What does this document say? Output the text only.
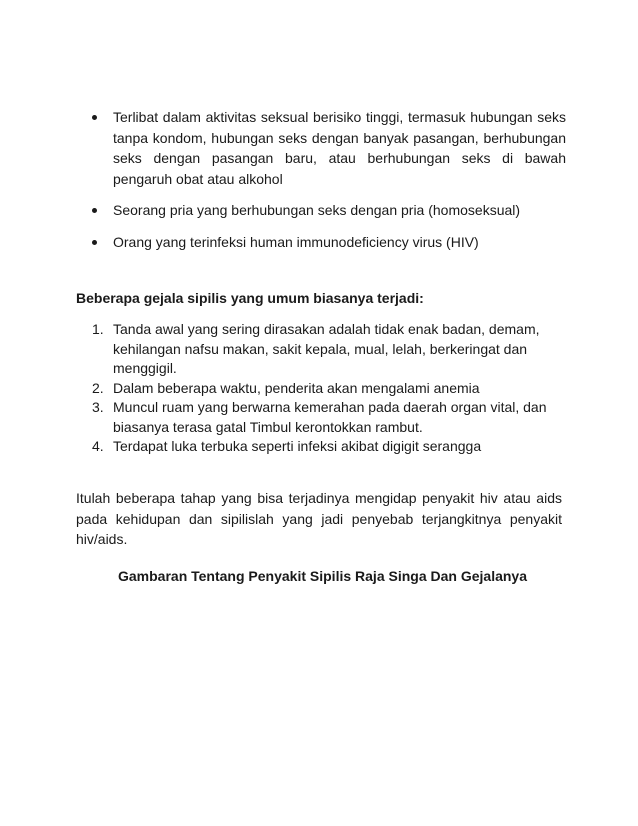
Terlibat dalam aktivitas seksual berisiko tinggi, termasuk hubungan seks tanpa kondom, hubungan seks dengan banyak pasangan, berhubungan seks dengan pasangan baru, atau berhubungan seks di bawah pengaruh obat atau alkohol
Seorang pria yang berhubungan seks dengan pria (homoseksual)
Orang yang terinfeksi human immunodeficiency virus (HIV)
Beberapa gejala sipilis yang umum biasanya terjadi:
1. Tanda awal yang sering dirasakan adalah tidak enak badan, demam, kehilangan nafsu makan, sakit kepala, mual, lelah, berkeringat dan menggigil.
2. Dalam beberapa waktu, penderita akan mengalami anemia
3. Muncul ruam yang berwarna kemerahan pada daerah organ vital, dan biasanya terasa gatal Timbul kerontokkan rambut.
4. Terdapat luka terbuka seperti infeksi akibat digigit serangga

Itulah beberapa tahap yang bisa terjadinya mengidap penyakit hiv atau aids pada kehidupan dan sipilislah yang jadi penyebab terjangkitnya penyakit hiv/aids.

Gambaran Tentang Penyakit Sipilis Raja Singa Dan Gejalanya
